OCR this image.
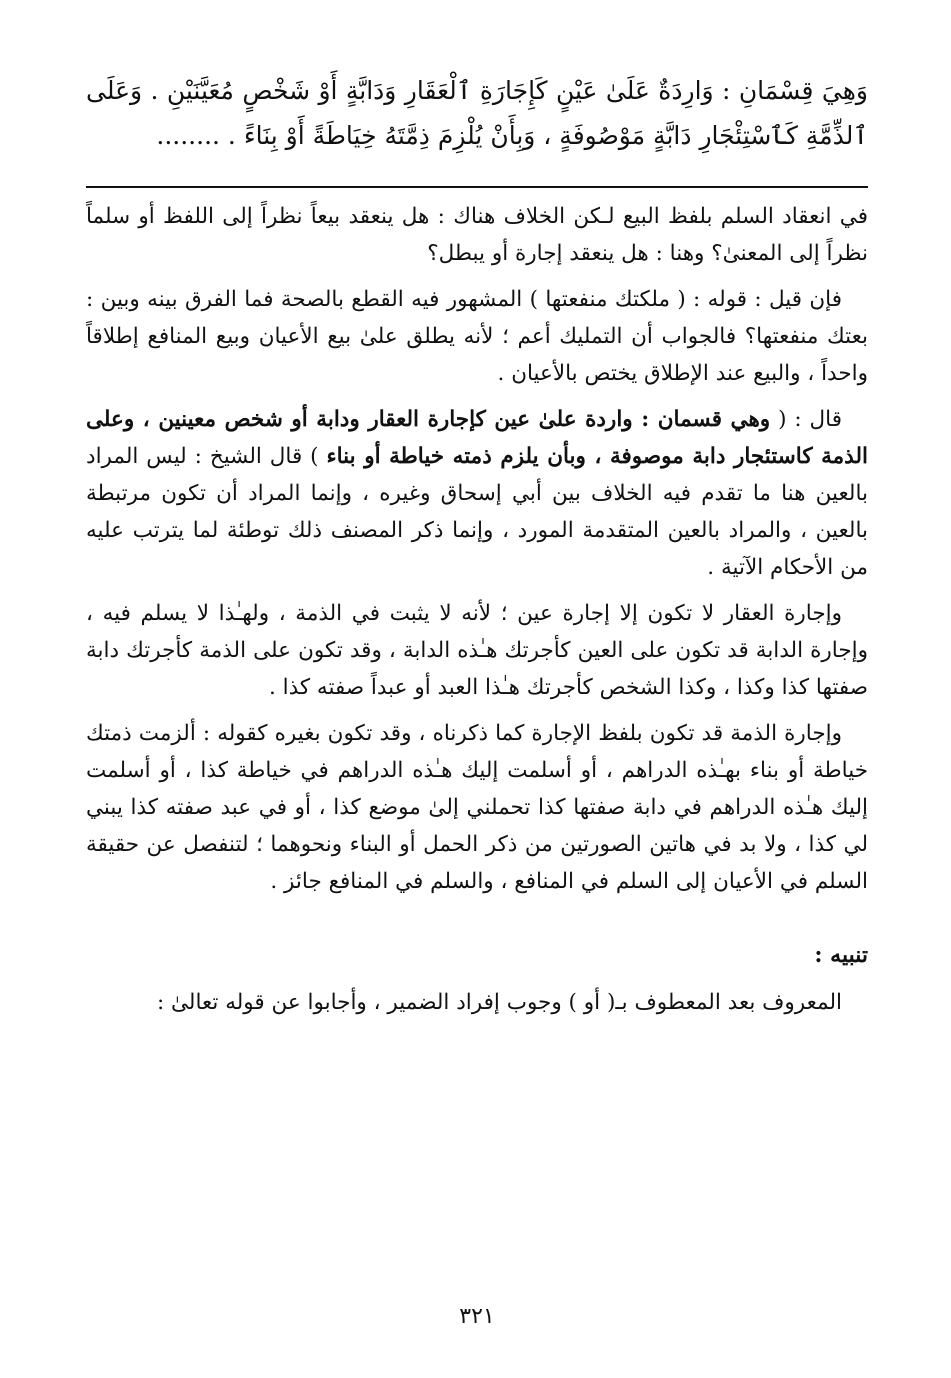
وَهِيَ قِسْمَانِ : وَارِدَةٌ عَلَىٰ عَيْنٍ كَإِجَارَةِ ٱلْعَقَارِ وَدَابَّةٍ أَوْ شَخْصٍ مُعَيَّنَيْنِ . وَعَلَى ٱلذِّمَّةِ كَٱسْتِئْجَارِ دَابَّةٍ مَوْصُوفَةٍ ، وَبِأَنْ يُلْزِمَ ذِمَّتَهُ خِيَاطَةً أَوْ بِنَاءً . ........

في انعقاد السلم بلفظ البيع لـكن الخلاف هناك : هل ينعقد بيعاً نظراً إلى اللفظ أو سلماً نظراً إلى المعنىٰ؟ وهنا : هل ينعقد إجارة أو يبطل؟

فإن قيل : قوله : ( ملكتك منفعتها ) المشهور فيه القطع بالصحة فما الفرق بينه وبين : بعتك منفعتها؟ فالجواب أن التمليك أعم ؛ لأنه يطلق علىٰ بيع الأعيان وبيع المنافع إطلاقاً واحداً ، والبيع عند الإطلاق يختص بالأعيان .

قال : ( وهي قسمان : واردة علىٰ عين كإجارة العقار ودابة أو شخص معينين ، وعلى الذمة كاستئجار دابة موصوفة ، وبأن يلزم ذمته خياطة أو بناء ) قال الشيخ : ليس المراد بالعين هنا ما تقدم فيه الخلاف بين أبي إسحاق وغيره ، وإنما المراد أن تكون مرتبطة بالعين ، والمراد بالعين المتقدمة المورد ، وإنما ذكر المصنف ذلك توطئة لما يترتب عليه من الأحكام الآتية .

وإجارة العقار لا تكون إلا إجارة عين ؛ لأنه لا يثبت في الذمة ، ولهـٰذا لا يسلم فيه ، وإجارة الدابة قد تكون على العين كأجرتك هـٰذه الدابة ، وقد تكون على الذمة كأجرتك دابة صفتها كذا وكذا ، وكذا الشخص كأجرتك هـٰذا العبد أو عبداً صفته كذا .

وإجارة الذمة قد تكون بلفظ الإجارة كما ذكرناه ، وقد تكون بغيره كقوله : ألزمت ذمتك خياطة أو بناء بهـٰذه الدراهم ، أو أسلمت إليك هـٰذه الدراهم في خياطة كذا ، أو أسلمت إليك هـٰذه الدراهم في دابة صفتها كذا تحملني إلىٰ موضع كذا ، أو في عبد صفته كذا يبني لي كذا ، ولا بد في هاتين الصورتين من ذكر الحمل أو البناء ونحوهما ؛ لتنفصل عن حقيقة السلم في الأعيان إلى السلم في المنافع ، والسلم في المنافع جائز .

تنبيه :

المعروف بعد المعطوف بـ( أو ) وجوب إفراد الضمير ، وأجابوا عن قوله تعالىٰ :

٣٢١
